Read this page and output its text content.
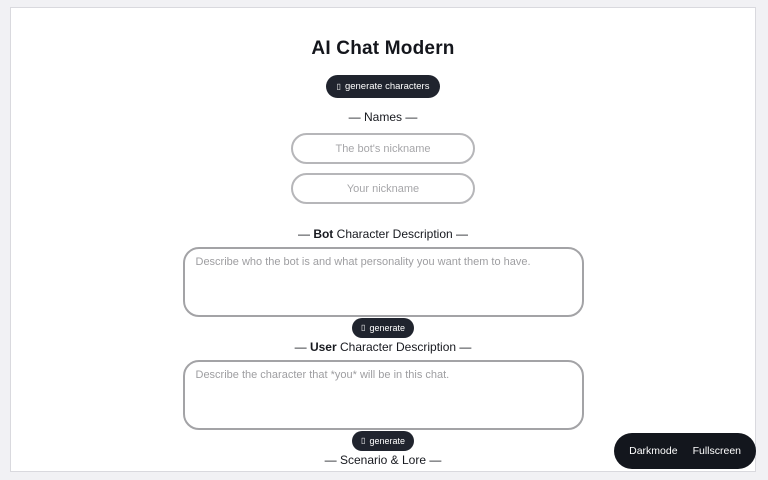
AI Chat Modern
▯ generate characters
— Names —
The bot's nickname
Your nickname
— Bot Character Description —
Describe who the bot is and what personality you want them to have.
▯ generate
— User Character Description —
Describe the character that *you* will be in this chat.
▯ generate
— Scenario & Lore —
Darkmode Fullscreen
